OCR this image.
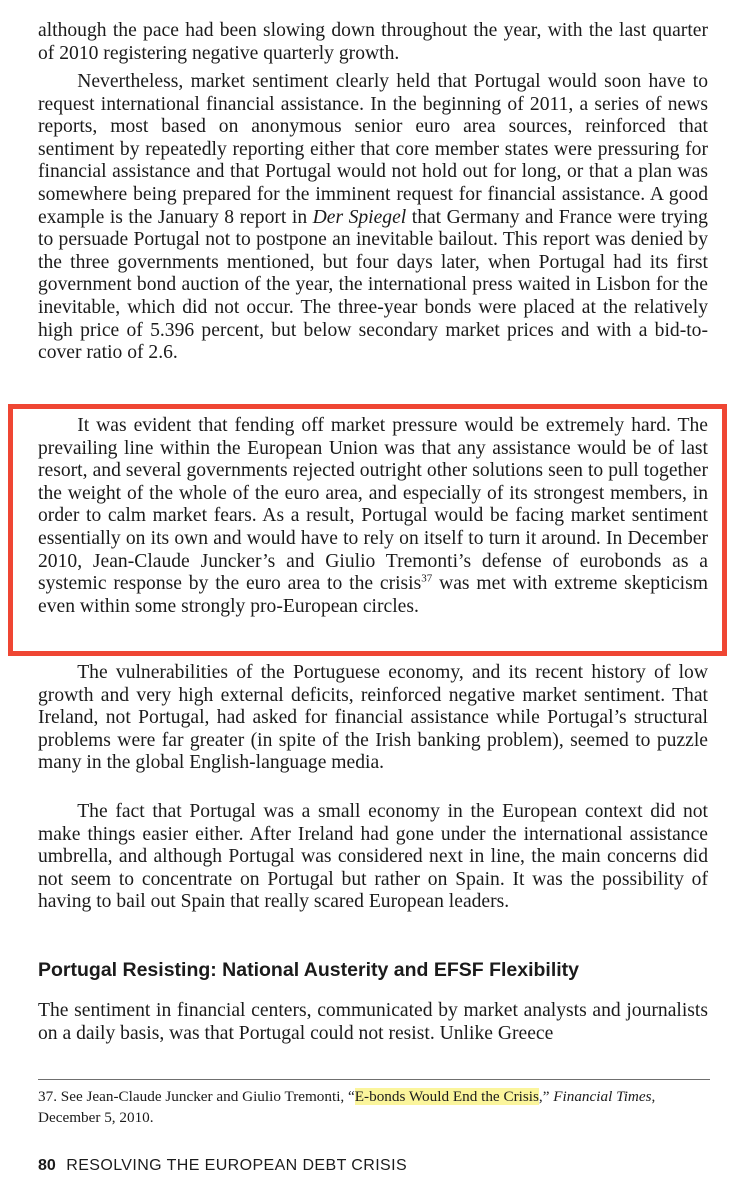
although the pace had been slowing down throughout the year, with the last quarter of 2010 registering negative quarterly growth.

Nevertheless, market sentiment clearly held that Portugal would soon have to request international financial assistance. In the beginning of 2011, a series of news reports, most based on anonymous senior euro area sources, reinforced that sentiment by repeatedly reporting either that core member states were pressuring for financial assistance and that Portugal would not hold out for long, or that a plan was somewhere being prepared for the imminent request for financial assistance. A good example is the January 8 report in Der Spiegel that Germany and France were trying to persuade Portugal not to postpone an inevitable bailout. This report was denied by the three governments mentioned, but four days later, when Portugal had its first government bond auction of the year, the international press waited in Lisbon for the inevitable, which did not occur. The three-year bonds were placed at the relatively high price of 5.396 percent, but below secondary market prices and with a bid-to-cover ratio of 2.6.

It was evident that fending off market pressure would be extremely hard. The prevailing line within the European Union was that any assistance would be of last resort, and several governments rejected outright other solutions seen to pull together the weight of the whole of the euro area, and especially of its strongest members, in order to calm market fears. As a result, Portugal would be facing market sentiment essentially on its own and would have to rely on itself to turn it around. In December 2010, Jean-Claude Juncker’s and Giulio Tremonti’s defense of eurobonds as a systemic response by the euro area to the crisis$^{37}$ was met with extreme skepticism even within some strongly pro-European circles.

The vulnerabilities of the Portuguese economy, and its recent history of low growth and very high external deficits, reinforced negative market sentiment. That Ireland, not Portugal, had asked for financial assistance while Portugal’s structural problems were far greater (in spite of the Irish banking problem), seemed to puzzle many in the global English-language media.

The fact that Portugal was a small economy in the European context did not make things easier either. After Ireland had gone under the international assistance umbrella, and although Portugal was considered next in line, the main concerns did not seem to concentrate on Portugal but rather on Spain. It was the possibility of having to bail out Spain that really scared European leaders.

Portugal Resisting: National Austerity and EFSF Flexibility

The sentiment in financial centers, communicated by market analysts and journalists on a daily basis, was that Portugal could not resist. Unlike Greece

37. See Jean-Claude Juncker and Giulio Tremonti, “E-bonds Would End the Crisis,” Financial Times, December 5, 2010.

80 RESOLVING THE EUROPEAN DEBT CRISIS
